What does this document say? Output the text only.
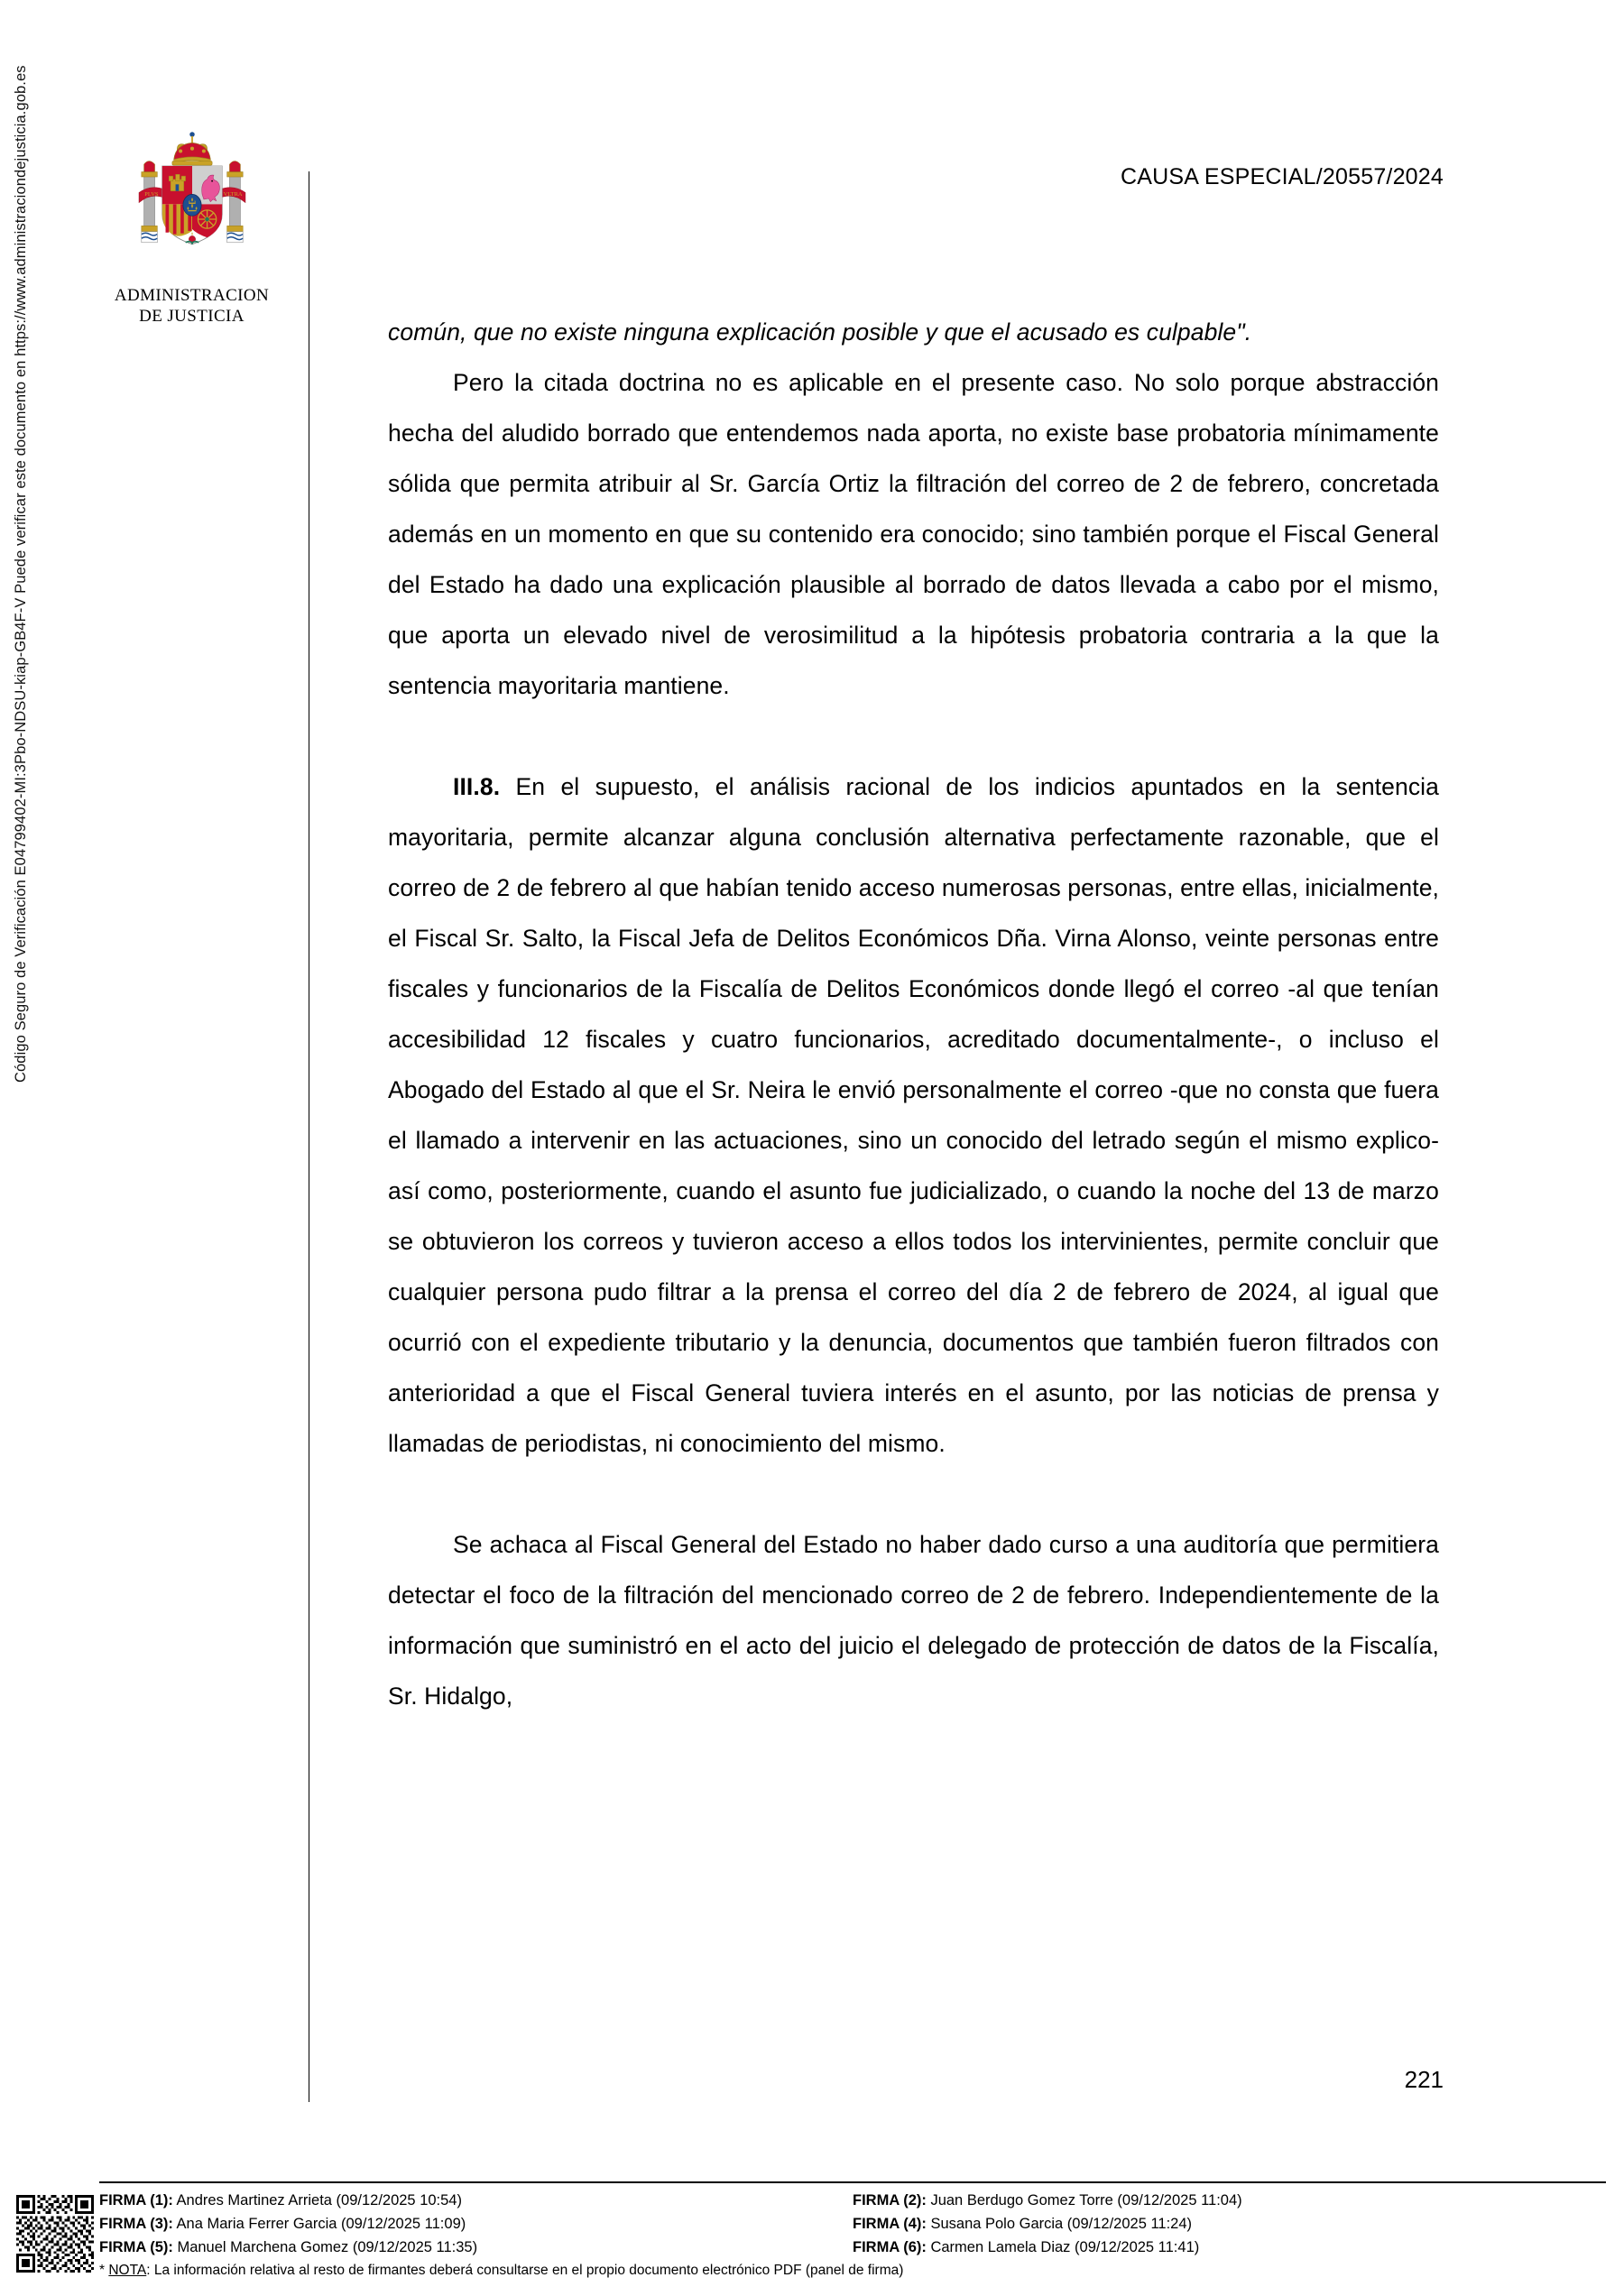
Código Seguro de Verificación E04799402-MI:3Pbo-NDSU-kiap-GB4F-V Puede verificar este documento en https://www.administraciondejusticia.gob.es	PLVS	VLTRA
ADMINISTRACION
DE JUSTICIA
CAUSA ESPECIAL/20557/2024

común, que no existe ninguna explicación posible y que el acusado es culpable".

Pero la citada doctrina no es aplicable en el presente caso. No solo porque abstracción hecha del aludido borrado que entendemos nada aporta, no existe base probatoria mínimamente sólida que permita atribuir al Sr. García Ortiz la filtración del correo de 2 de febrero, concretada además en un momento en que su contenido era conocido; sino también porque el Fiscal General del Estado ha dado una explicación plausible al borrado de datos llevada a cabo por el mismo, que aporta un elevado nivel de verosimilitud a la hipótesis probatoria contraria a la que la sentencia mayoritaria mantiene.

III.8. En el supuesto, el análisis racional de los indicios apuntados en la sentencia mayoritaria, permite alcanzar alguna conclusión alternativa perfectamente razonable, que el correo de 2 de febrero al que habían tenido acceso numerosas personas, entre ellas, inicialmente, el Fiscal Sr. Salto, la Fiscal Jefa de Delitos Económicos Dña. Virna Alonso, veinte personas entre fiscales y funcionarios de la Fiscalía de Delitos Económicos donde llegó el correo -al que tenían accesibilidad 12 fiscales y cuatro funcionarios, acreditado documentalmente-, o incluso el Abogado del Estado al que el Sr. Neira le envió personalmente el correo -que no consta que fuera el llamado a intervenir en las actuaciones, sino un conocido del letrado según el mismo explico- así como, posteriormente, cuando el asunto fue judicializado, o cuando la noche del 13 de marzo se obtuvieron los correos y tuvieron acceso a ellos todos los intervinientes, permite concluir que cualquier persona pudo filtrar a la prensa el correo del día 2 de febrero de 2024, al igual que ocurrió con el expediente tributario y la denuncia, documentos que también fueron filtrados con anterioridad a que el Fiscal General tuviera interés en el asunto, por las noticias de prensa y llamadas de periodistas, ni conocimiento del mismo.

Se achaca al Fiscal General del Estado no haber dado curso a una auditoría que permitiera detectar el foco de la filtración del mencionado correo de 2 de febrero. Independientemente de la información que suministró en el acto del juicio el delegado de protección de datos de la Fiscalía, Sr. Hidalgo,

221
FIRMA (1): Andres Martinez Arrieta (09/12/2025 10:54)
FIRMA (3): Ana Maria Ferrer Garcia (09/12/2025 11:09)
FIRMA (5): Manuel Marchena Gomez (09/12/2025 11:35)
FIRMA (2): Juan Berdugo Gomez Torre (09/12/2025 11:04)
FIRMA (4): Susana Polo Garcia (09/12/2025 11:24)
FIRMA (6): Carmen Lamela Diaz (09/12/2025 11:41)
* NOTA: La información relativa al resto de firmantes deberá consultarse en el propio documento electrónico PDF (panel de firma)
